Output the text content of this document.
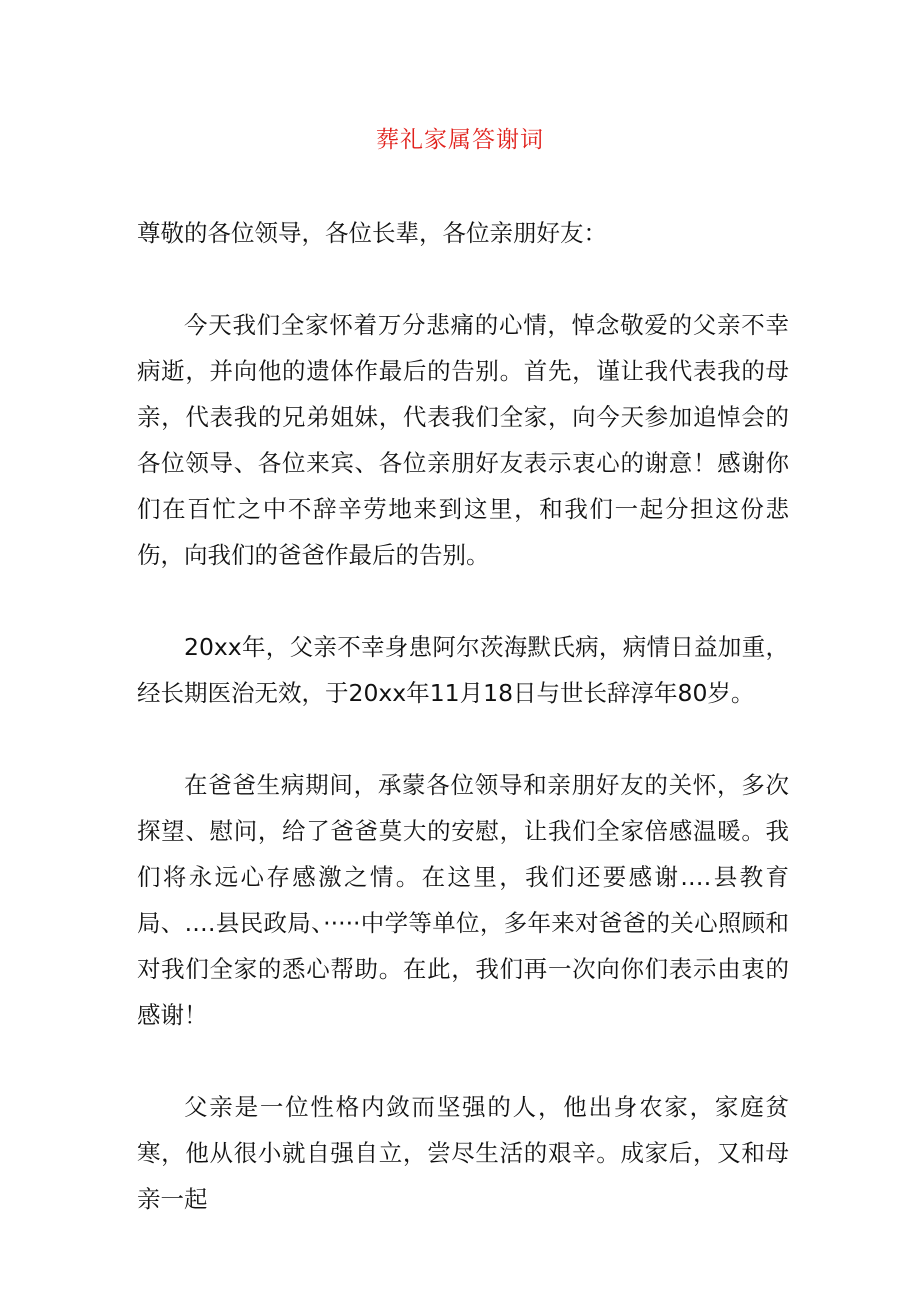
葬礼家属答谢词

尊敬的各位领导，各位长辈，各位亲朋好友：

今天我们全家怀着万分悲痛的心情，悼念敬爱的父亲不幸病逝，并向他的遗体作最后的告别。首先，谨让我代表我的母亲，代表我的兄弟姐妹，代表我们全家，向今天参加追悼会的各位领导、各位来宾、各位亲朋好友表示衷心的谢意！感谢你们在百忙之中不辞辛劳地来到这里，和我们一起分担这份悲伤，向我们的爸爸作最后的告别。

20xx年，父亲不幸身患阿尔茨海默氏病，病情日益加重，经长期医治无效，于20xx年11月18日与世长辞淳年80岁。

在爸爸生病期间，承蒙各位领导和亲朋好友的关怀，多次探望、慰问，给了爸爸莫大的安慰，让我们全家倍感温暖。我们将永远心存感激之情。在这里，我们还要感谢.…县教育局、.…县民政局、·····中学等单位，多年来对爸爸的关心照顾和对我们全家的悉心帮助。在此，我们再一次向你们表示由衷的感谢！

父亲是一位性格内敛而坚强的人，他出身农家，家庭贫寒，他从很小就自强自立，尝尽生活的艰辛。成家后，又和母亲一起
